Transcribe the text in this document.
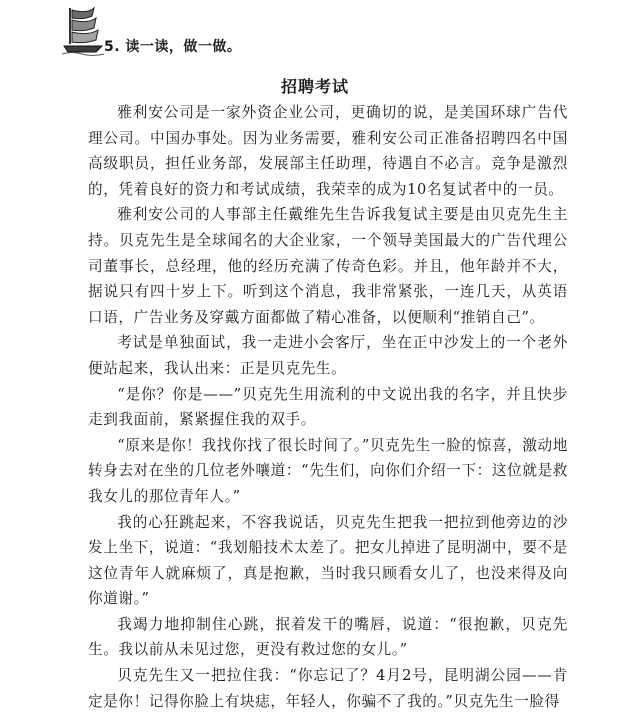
5. 读一读，做一做。
招聘考试

雅利安公司是一家外资企业公司，更确切的说，是美国环球广告代理公司。中国办事处。因为业务需要，雅利安公司正准备招聘四名中国高级职员，担任业务部，发展部主任助理，待遇自不必言。竞争是激烈的，凭着良好的资力和考试成绩，我荣幸的成为10名复试者中的一员。

雅利安公司的人事部主任戴维先生告诉我复试主要是由贝克先生主持。贝克先生是全球闻名的大企业家，一个领导美国最大的广告代理公司董事长，总经理，他的经历充满了传奇色彩。并且，他年龄并不大，据说只有四十岁上下。听到这个消息，我非常紧张，一连几天，从英语口语，广告业务及穿戴方面都做了精心准备，以便顺利“推销自己”。

考试是单独面试，我一走进小会客厅，坐在正中沙发上的一个老外便站起来，我认出来：正是贝克先生。

“是你？你是——”贝克先生用流利的中文说出我的名字，并且快步走到我面前，紧紧握住我的双手。

“原来是你！我找你找了很长时间了。”贝克先生一脸的惊喜，激动地转身去对在坐的几位老外嚷道：“先生们，向你们介绍一下：这位就是救我女儿的那位青年人。”

我的心狂跳起来，不容我说话，贝克先生把我一把拉到他旁边的沙发上坐下，说道：“我划船技术太差了。把女儿掉进了昆明湖中，要不是这位青年人就麻烦了，真是抱歉，当时我只顾看女儿了，也没来得及向你道谢。”

我竭力地抑制住心跳，抿着发干的嘴唇，说道：“很抱歉，贝克先生。我以前从未见过您，更没有救过您的女儿。”

贝克先生又一把拉住我：“你忘记了？4月2号，昆明湖公园——肯定是你！记得你脸上有块痣，年轻人，你骗不了我的。”贝克先生一脸得
